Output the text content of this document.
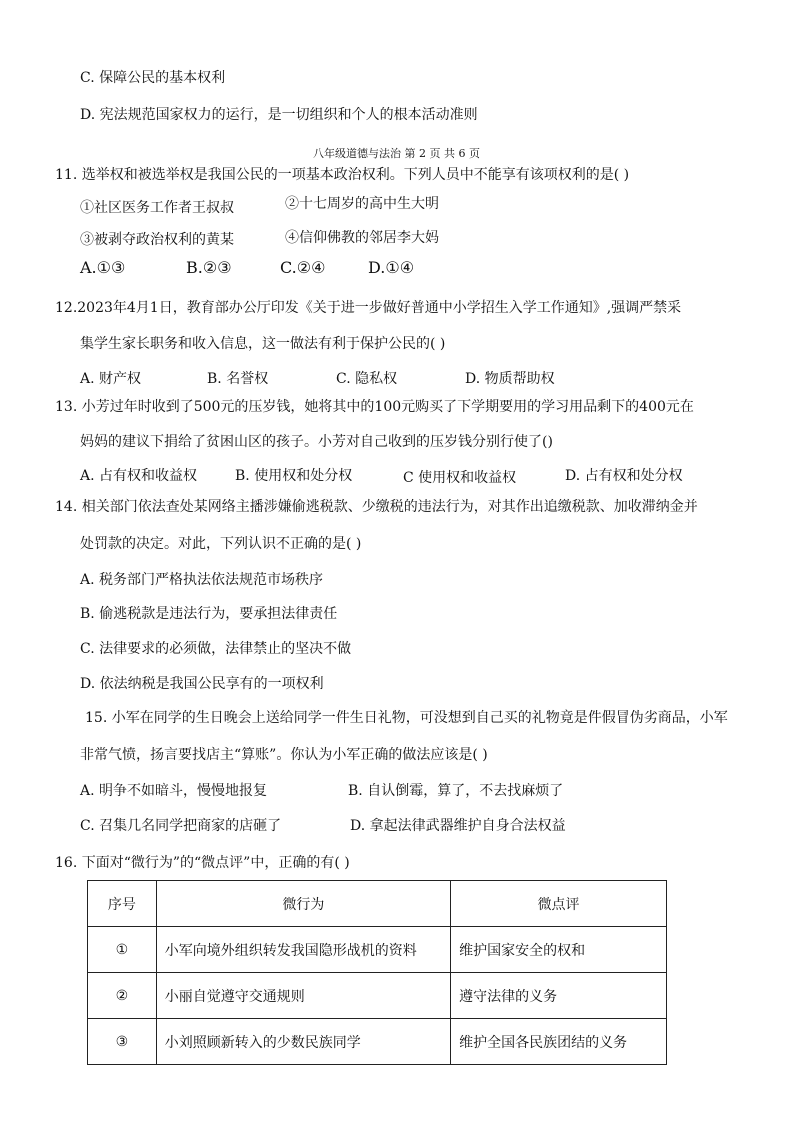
C. 保障公民的基本权利
D. 宪法规范国家权力的运行，是一切组织和个人的根本活动准则
八年级道德与法治 第 2 页 共 6 页
11. 选举权和被选举权是我国公民的一项基本政治权利。下列人员中不能享有该项权利的是( )
①社区医务工作者王叔叔	②十七周岁的高中生大明
③被剥夺政治权利的黄某	④信仰佛教的邻居李大妈
A.①③	B.②③	C.②④	D.①④
12.2023年4月1日，教育部办公厅印发《关于进一步做好普通中小学招生入学工作通知》,强调严禁采
集学生家长职务和收入信息，这一做法有利于保护公民的( )
A. 财产权	B. 名誉权	C. 隐私权	D. 物质帮助权
13. 小芳过年时收到了500元的压岁钱，她将其中的100元购买了下学期要用的学习用品剩下的400元在
妈妈的建议下捐给了贫困山区的孩子。小芳对自己收到的压岁钱分别行使了()
A. 占有权和收益权	B. 使用权和处分权	C 使用权和收益权	D. 占有权和处分权
14. 相关部门依法查处某网络主播涉嫌偷逃税款、少缴税的违法行为，对其作出追缴税款、加收滞纳金并
处罚款的决定。对此，下列认识不正确的是( )
A. 税务部门严格执法依法规范市场秩序
B. 偷逃税款是违法行为，要承担法律责任
C. 法律要求的必须做，法律禁止的坚决不做
D. 依法纳税是我国公民享有的一项权利
15. 小军在同学的生日晚会上送给同学一件生日礼物，可没想到自己买的礼物竟是件假冒伪劣商品，小军
非常气愤，扬言要找店主“算账”。你认为小军正确的做法应该是( )
A. 明争不如暗斗，慢慢地报复	B. 自认倒霉，算了，不去找麻烦了
C. 召集几名同学把商家的店砸了	D. 拿起法律武器维护自身合法权益
16. 下面对“微行为”的“微点评”中，正确的有( )
序号	微行为	微点评
①	小军向境外组织转发我国隐形战机的资料	维护国家安全的权和
②	小丽自觉遵守交通规则	遵守法律的义务
③	小刘照顾新转入的少数民族同学	维护全国各民族团结的义务
